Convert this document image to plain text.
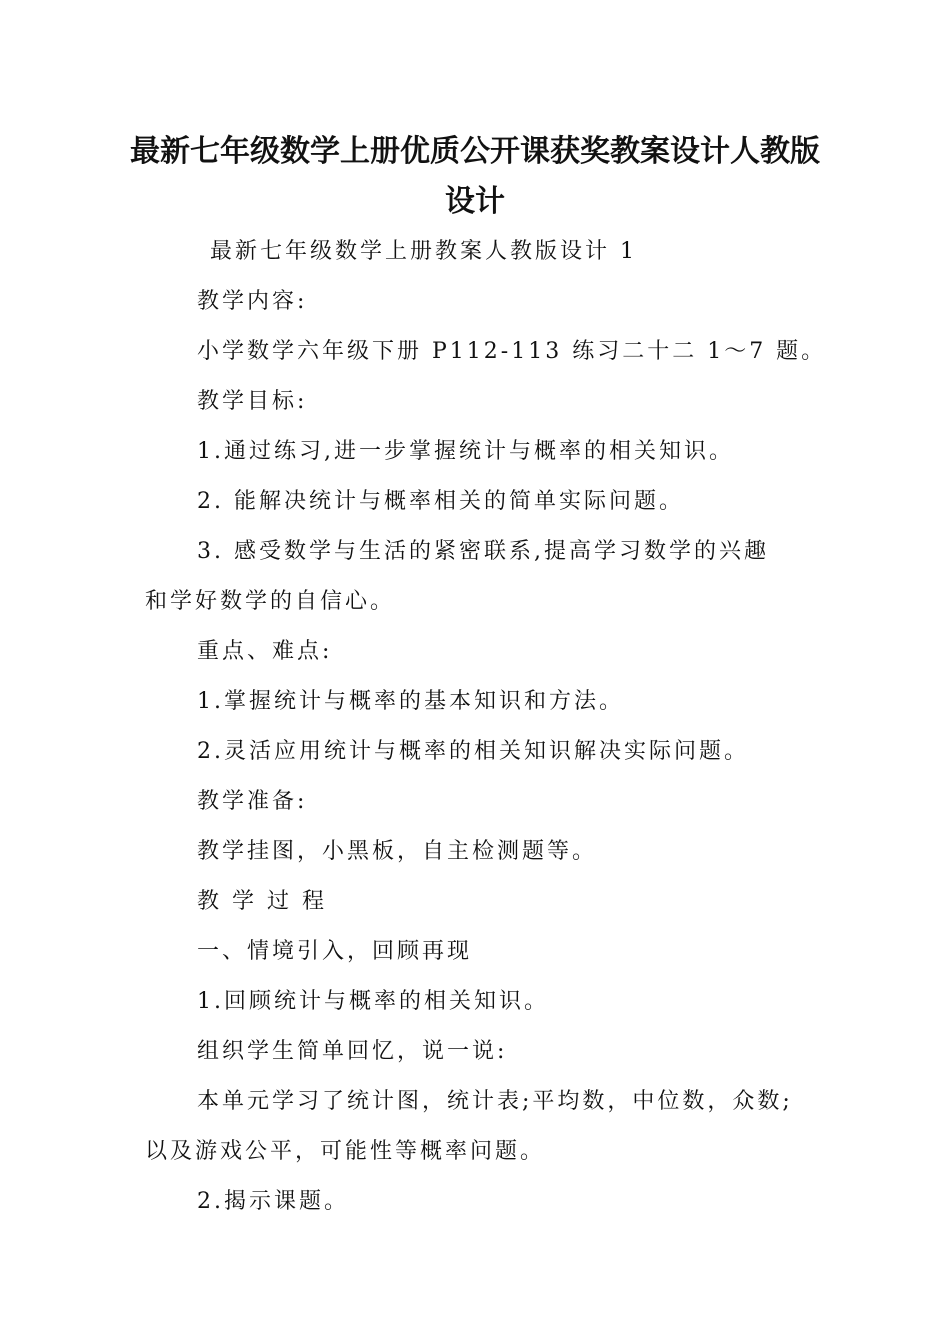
最新七年级数学上册优质公开课获奖教案设计人教版
设计
最新七年级数学上册教案人教版设计 1
教学内容:
小学数学六年级下册 P112-113 练习二十二 1～7 题。
教学目标:
1.通过练习,进一步掌握统计与概率的相关知识。
2. 能解决统计与概率相关的简单实际问题。
3. 感受数学与生活的紧密联系,提高学习数学的兴趣
和学好数学的自信心。
重点、难点:
1.掌握统计与概率的基本知识和方法。
2.灵活应用统计与概率的相关知识解决实际问题。
教学准备:
教学挂图，小黑板，自主检测题等。
教 学 过 程
一、情境引入，回顾再现
1.回顾统计与概率的相关知识。
组织学生简单回忆，说一说:
本单元学习了统计图，统计表;平均数，中位数，众数;
以及游戏公平，可能性等概率问题。
2.揭示课题。
